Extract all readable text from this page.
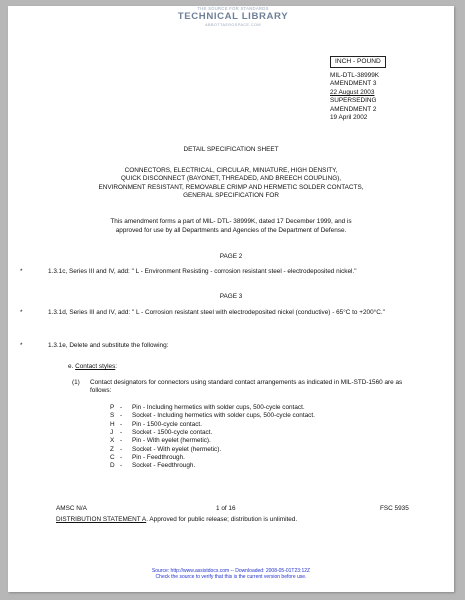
THE SOURCE FOR STANDARDS
TECHNICAL LIBRARY
ABBOTTAEROSPACE.COM
INCH - POUND
MIL-DTL-38999K
AMENDMENT 3
22 August 2003
SUPERSEDING
AMENDMENT 2
19 April 2002
DETAIL SPECIFICATION SHEET
CONNECTORS, ELECTRICAL, CIRCULAR, MINIATURE, HIGH DENSITY,
QUICK DISCONNECT (BAYONET, THREADED, AND BREECH COUPLING),
ENVIRONMENT RESISTANT, REMOVABLE CRIMP AND HERMETIC SOLDER CONTACTS,
GENERAL SPECIFICATION FOR
This amendment forms a part of MIL- DTL- 38999K, dated 17 December 1999, and is
approved for use by all Departments and Agencies of the Department of Defense.
PAGE 2
*	1.3.1c, Series III and IV, add: " L - Environment Resisting - corrosion resistant steel - electrodeposited nickel."
PAGE 3
*	1.3.1d, Series III and IV, add: " L - Corrosion resistant steel with electrodeposited nickel (conductive) - 65°C to +200°C."
*	1.3.1e, Delete and substitute the following:
e. Contact styles:
(1) Contact designators for connectors using standard contact arrangements as indicated in MIL-STD-1560 are as follows:
P -	Pin - Including hermetics with solder cups, 500-cycle contact.
S -	Socket - Including hermetics with solder cups, 500-cycle contact.
H -	Pin - 1500-cycle contact.
J	-	Socket - 1500-cycle contact.
X -	Pin - With eyelet (hermetic).
Z -	Socket - With eyelet (hermetic).
C -	Pin - Feedthrough.
D -	Socket - Feedthrough.
AMSC N/A	1 of 16	FSC 5935
DISTRIBUTION STATEMENT A. Approved for public release; distribution is unlimited.
Source: http://www.assistdocs.com -- Downloaded: 2008-05-01T23:12Z
Check the source to verify that this is the current version before use.
